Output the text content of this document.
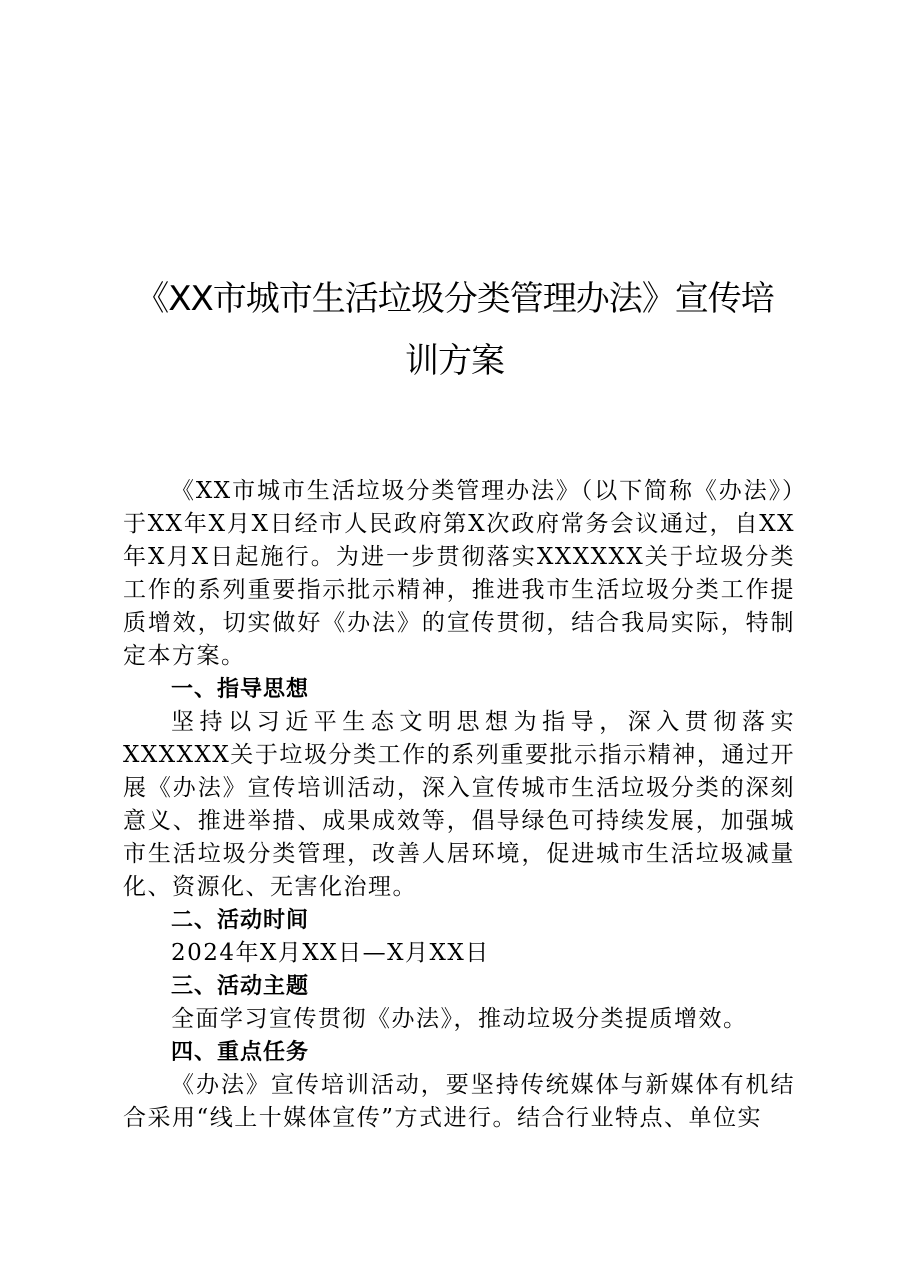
《XX市城市生活垃圾分类管理办法》宣传培
训方案

《XX市城市生活垃圾分类管理办法》（以下简称《办法》）于XX年X月X日经市人民政府第X次政府常务会议通过，自XX年X月X日起施行。为进一步贯彻落实XXXXXX关于垃圾分类工作的系列重要指示批示精神，推进我市生活垃圾分类工作提质增效，切实做好《办法》的宣传贯彻，结合我局实际，特制定本方案。

一、指导思想

坚持以习近平生态文明思想为指导，深入贯彻落实XXXXXX关于垃圾分类工作的系列重要批示指示精神，通过开展《办法》宣传培训活动，深入宣传城市生活垃圾分类的深刻意义、推进举措、成果成效等，倡导绿色可持续发展，加强城市生活垃圾分类管理，改善人居环境，促进城市生活垃圾减量化、资源化、无害化治理。

二、活动时间

2024年X月XX日—X月XX日

三、活动主题

全面学习宣传贯彻《办法》，推动垃圾分类提质增效。

四、重点任务

《办法》宣传培训活动，要坚持传统媒体与新媒体有机结合采用“线上十媒体宣传”方式进行。结合行业特点、单位实
